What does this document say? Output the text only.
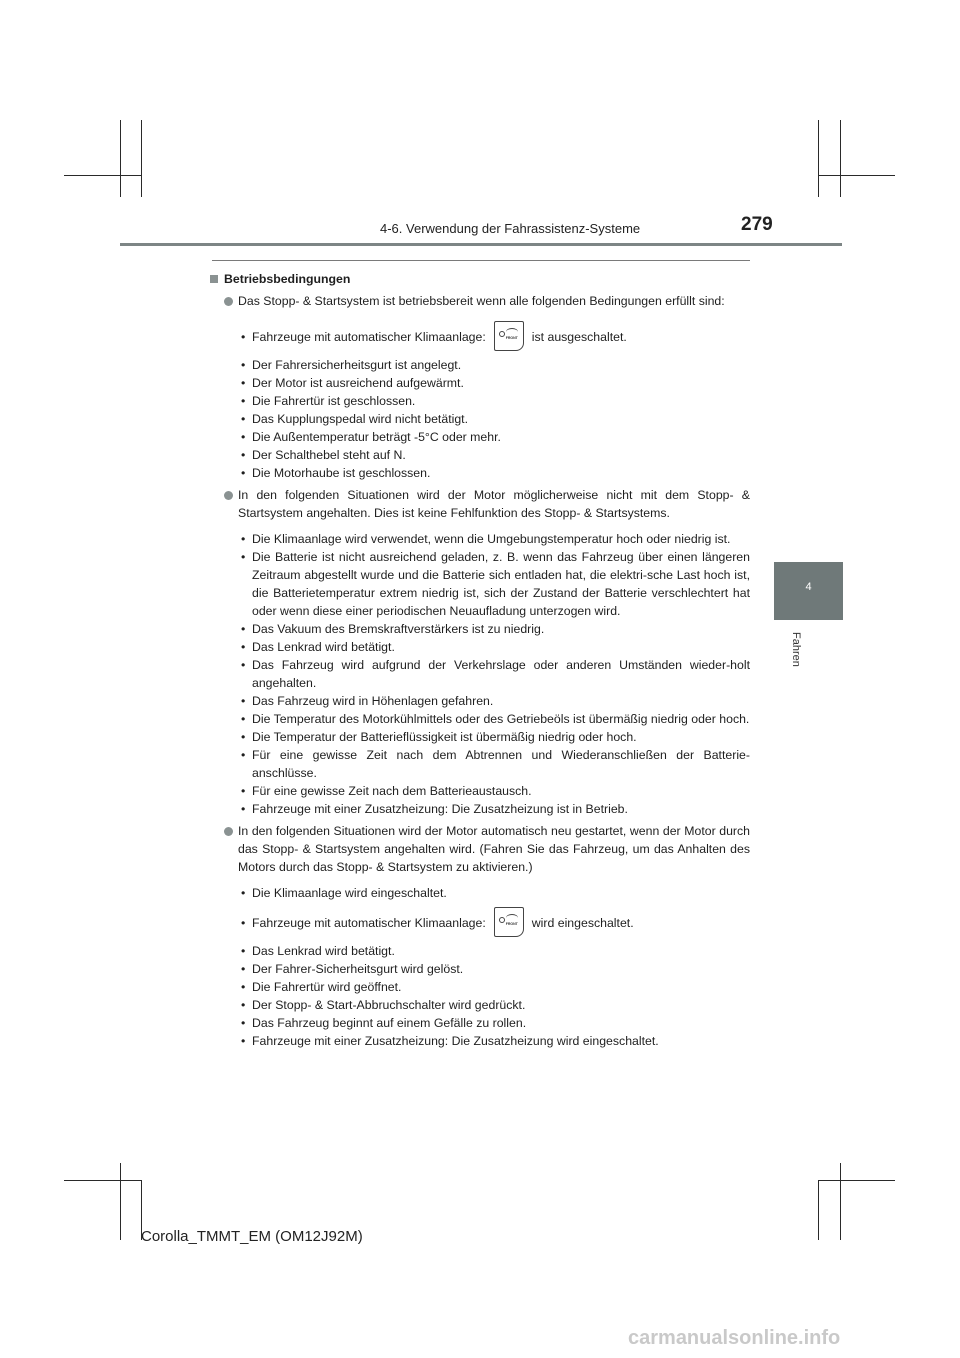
4-6. Verwendung der Fahrassistenz-Systeme	279
4
Fahren
Betriebsbedingungen
Das Stopp- & Startsystem ist betriebsbereit wenn alle folgenden Bedingungen erfüllt sind:
• Fahrzeuge mit automatischer Klimaanlage:	FRONT ist ausgeschaltet.
• Der Fahrersicherheitsgurt ist angelegt.
• Der Motor ist ausreichend aufgewärmt.
• Die Fahrertür ist geschlossen.
• Das Kupplungspedal wird nicht betätigt.
• Die Außentemperatur beträgt -5°C oder mehr.
• Der Schalthebel steht auf N.
• Die Motorhaube ist geschlossen.
In den folgenden Situationen wird der Motor möglicherweise nicht mit dem Stopp- & Startsystem angehalten. Dies ist keine Fehlfunktion des Stopp- & Startsystems.
• Die Klimaanlage wird verwendet, wenn die Umgebungstemperatur hoch oder niedrig ist.
• Die Batterie ist nicht ausreichend geladen, z. B. wenn das Fahrzeug über einen längeren Zeitraum abgestellt wurde und die Batterie sich entladen hat, die elektri-sche Last hoch ist, die Batterietemperatur extrem niedrig ist, sich der Zustand der Batterie verschlechtert hat oder wenn diese einer periodischen Neuaufladung unterzogen wird.
• Das Vakuum des Bremskraftverstärkers ist zu niedrig.
• Das Lenkrad wird betätigt.
• Das Fahrzeug wird aufgrund der Verkehrslage oder anderen Umständen wieder-holt angehalten.
• Das Fahrzeug wird in Höhenlagen gefahren.
• Die Temperatur des Motorkühlmittels oder des Getriebeöls ist übermäßig niedrig oder hoch.
• Die Temperatur der Batterieflüssigkeit ist übermäßig niedrig oder hoch.
• Für eine gewisse Zeit nach dem Abtrennen und Wiederanschließen der Batterie-anschlüsse.
• Für eine gewisse Zeit nach dem Batterieaustausch.
• Fahrzeuge mit einer Zusatzheizung: Die Zusatzheizung ist in Betrieb.
In den folgenden Situationen wird der Motor automatisch neu gestartet, wenn der Motor durch das Stopp- & Startsystem angehalten wird. (Fahren Sie das Fahrzeug, um das Anhalten des Motors durch das Stopp- & Startsystem zu aktivieren.)
• Die Klimaanlage wird eingeschaltet.
• Fahrzeuge mit automatischer Klimaanlage:	FRONT wird eingeschaltet.
• Das Lenkrad wird betätigt.
• Der Fahrer-Sicherheitsgurt wird gelöst.
• Die Fahrertür wird geöffnet.
• Der Stopp- & Start-Abbruchschalter wird gedrückt.
• Das Fahrzeug beginnt auf einem Gefälle zu rollen.
• Fahrzeuge mit einer Zusatzheizung: Die Zusatzheizung wird eingeschaltet.
Corolla_TMMT_EM (OM12J92M)
carmanualsonline.info
